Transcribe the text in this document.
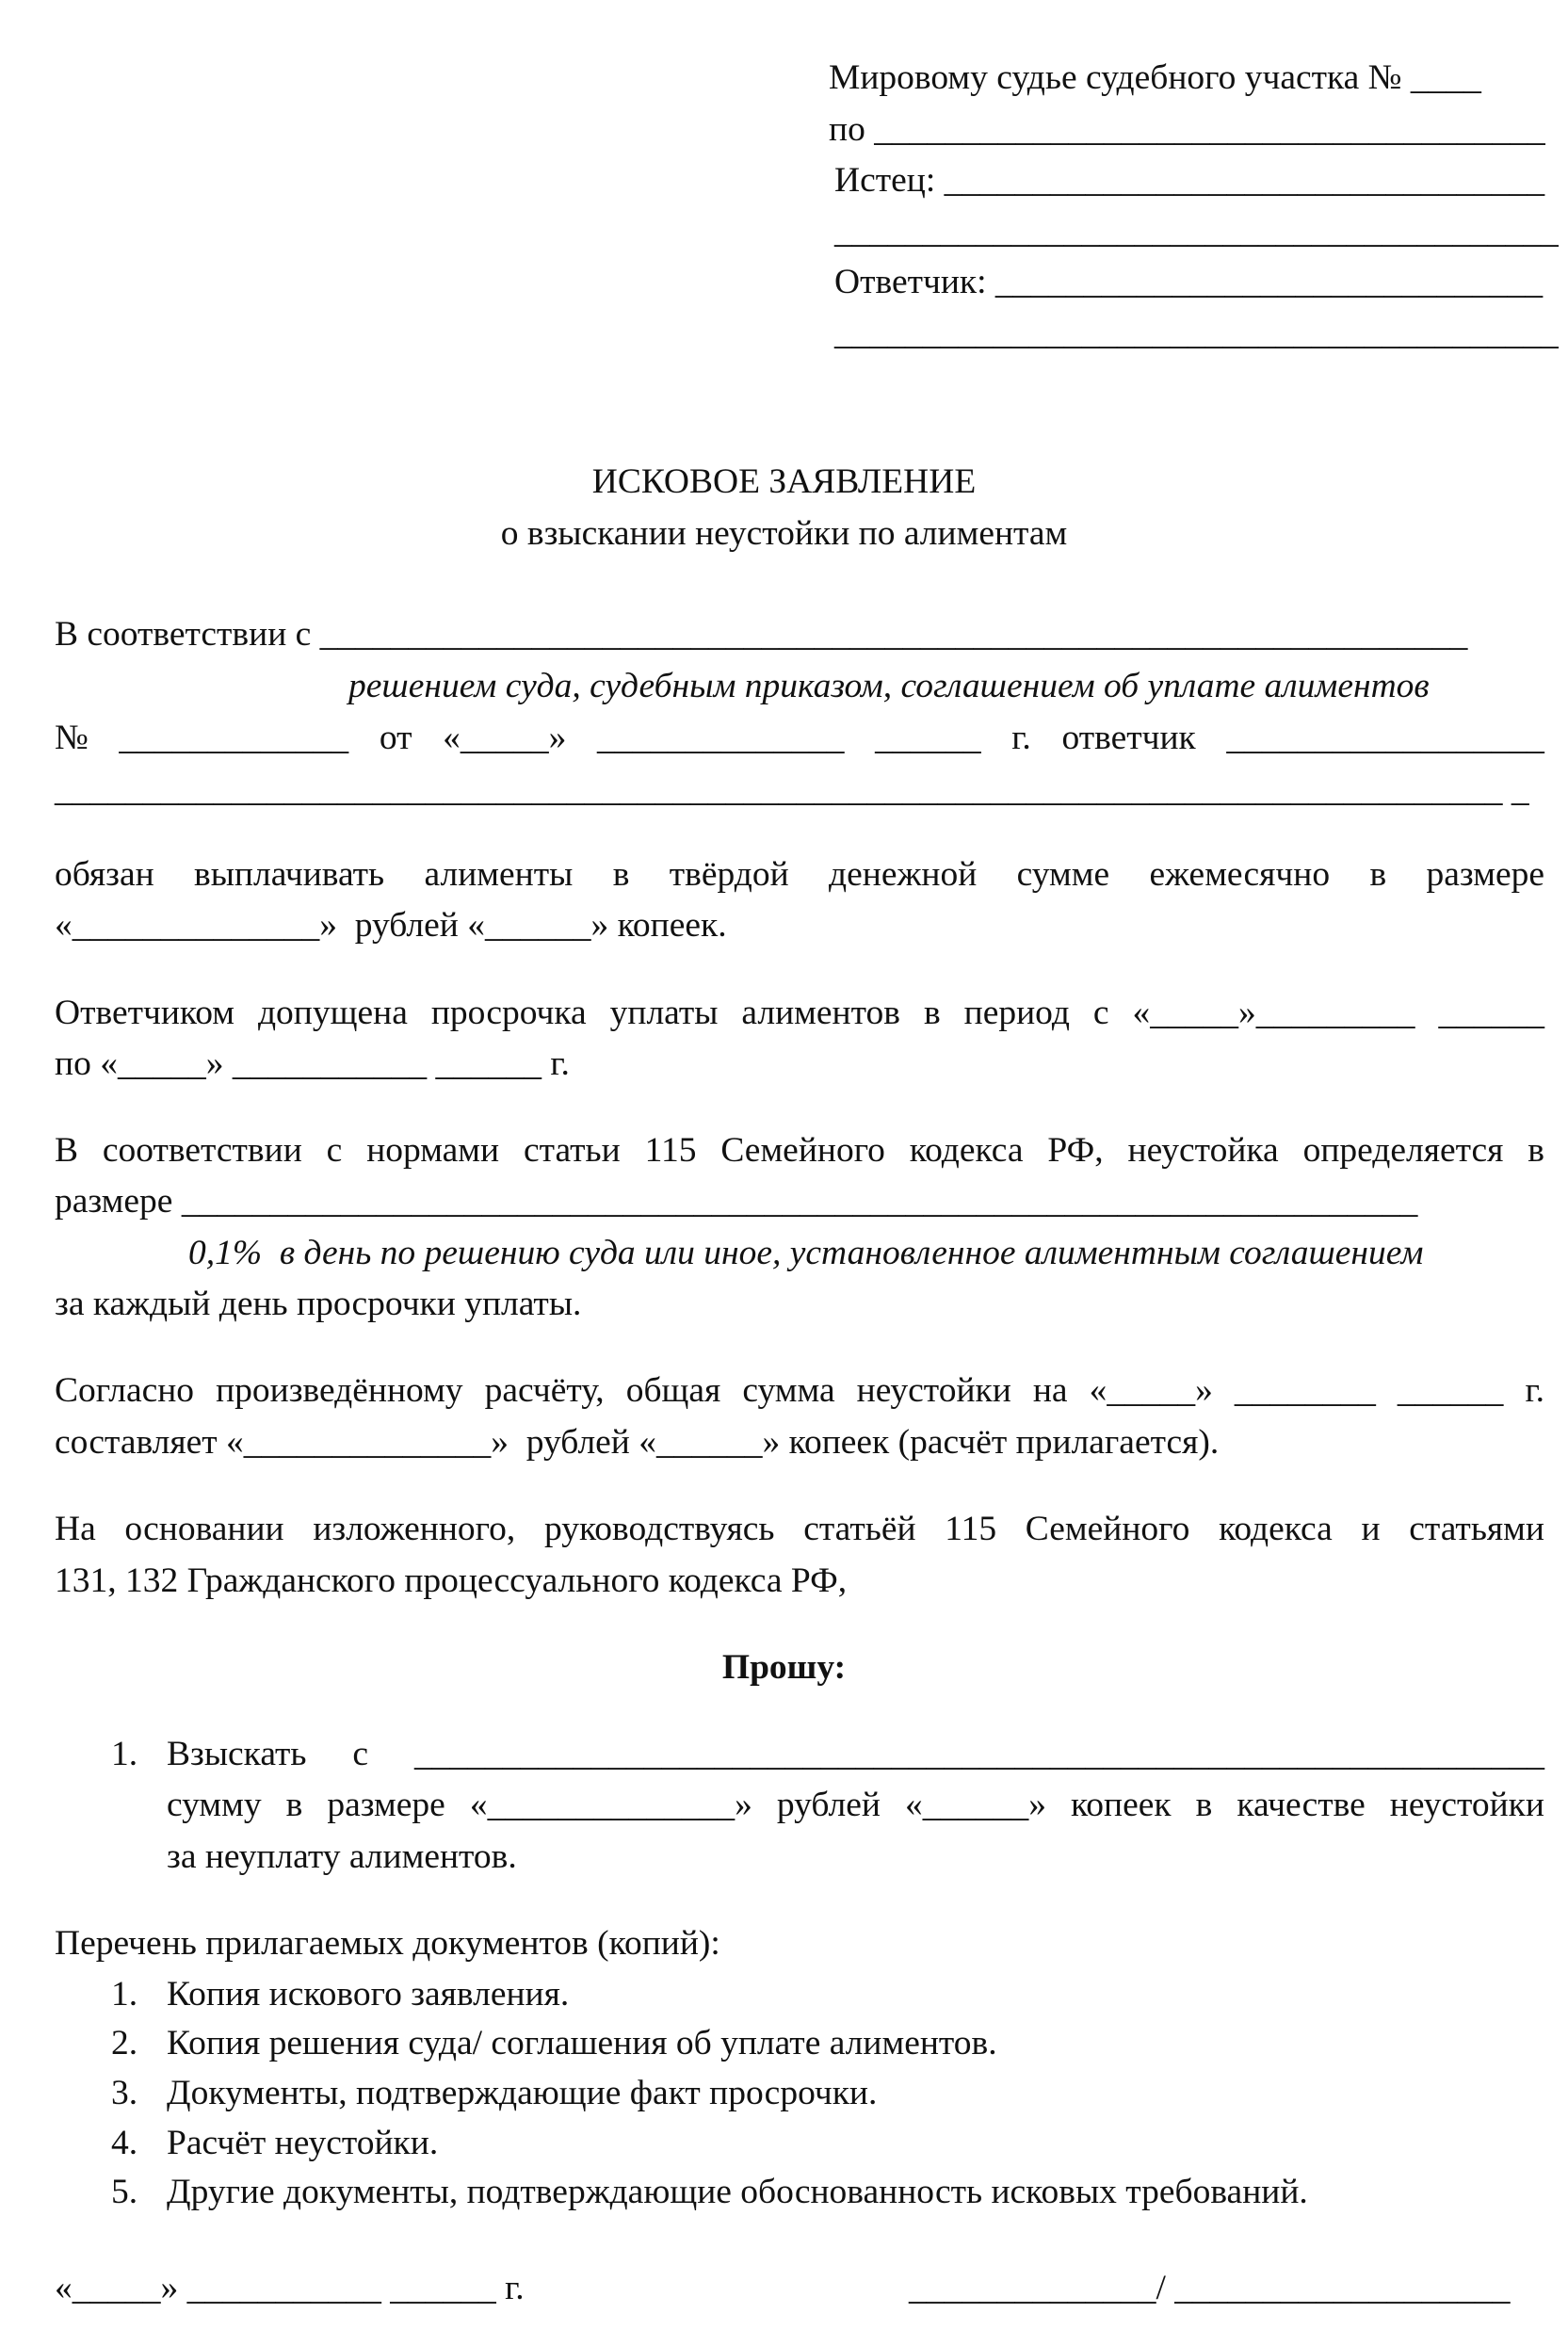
Мировому судье судебного участка № ____
по ______________________________________
Истец: __________________________________
_________________________________________
Ответчик: _______________________________
_________________________________________
ИСКОВОЕ ЗАЯВЛЕНИЕ
о взыскании неустойки по алиментам
В соответствии с _________________________________________________________________
решением суда, судебным приказом, соглашением об уплате алиментов
№ _____________ от «_____» ______________ ______ г. ответчик __________________
__________________________________________________________________________________ _
обязан выплачивать алименты в твёрдой денежной сумме ежемесячно в размере
«______________»  рублей «______» копеек.
Ответчиком допущена просрочка уплаты алиментов в период с «_____»_________ ______
по «_____» ___________ ______ г.
В соответствии с нормами статьи 115 Семейного кодекса РФ, неустойка определяется в
размере ______________________________________________________________________
0,1%  в день по решению суда или иное, установленное алиментным соглашением
за каждый день просрочки уплаты.
Согласно произведённому расчёту, общая сумма неустойки на «_____» ________ ______ г.
составляет «______________»  рублей «______» копеек (расчёт прилагается).
На основании изложенного, руководствуясь статьёй 115 Семейного кодекса и статьями
131, 132 Гражданского процессуального кодекса РФ,
Прошу:
1. Взыскать с ________________________________________________________________
сумму в размере «______________» рублей «______» копеек в качестве неустойки
за неуплату алиментов.
Перечень прилагаемых документов (копий):
1. Копия искового заявления.
2. Копия решения суда/ соглашения об уплате алиментов.
3. Документы, подтверждающие факт просрочки.
4. Расчёт неустойки.
5. Другие документы, подтверждающие обоснованность исковых требований.
«_____» ___________ ______ г.	______________/ ___________________
